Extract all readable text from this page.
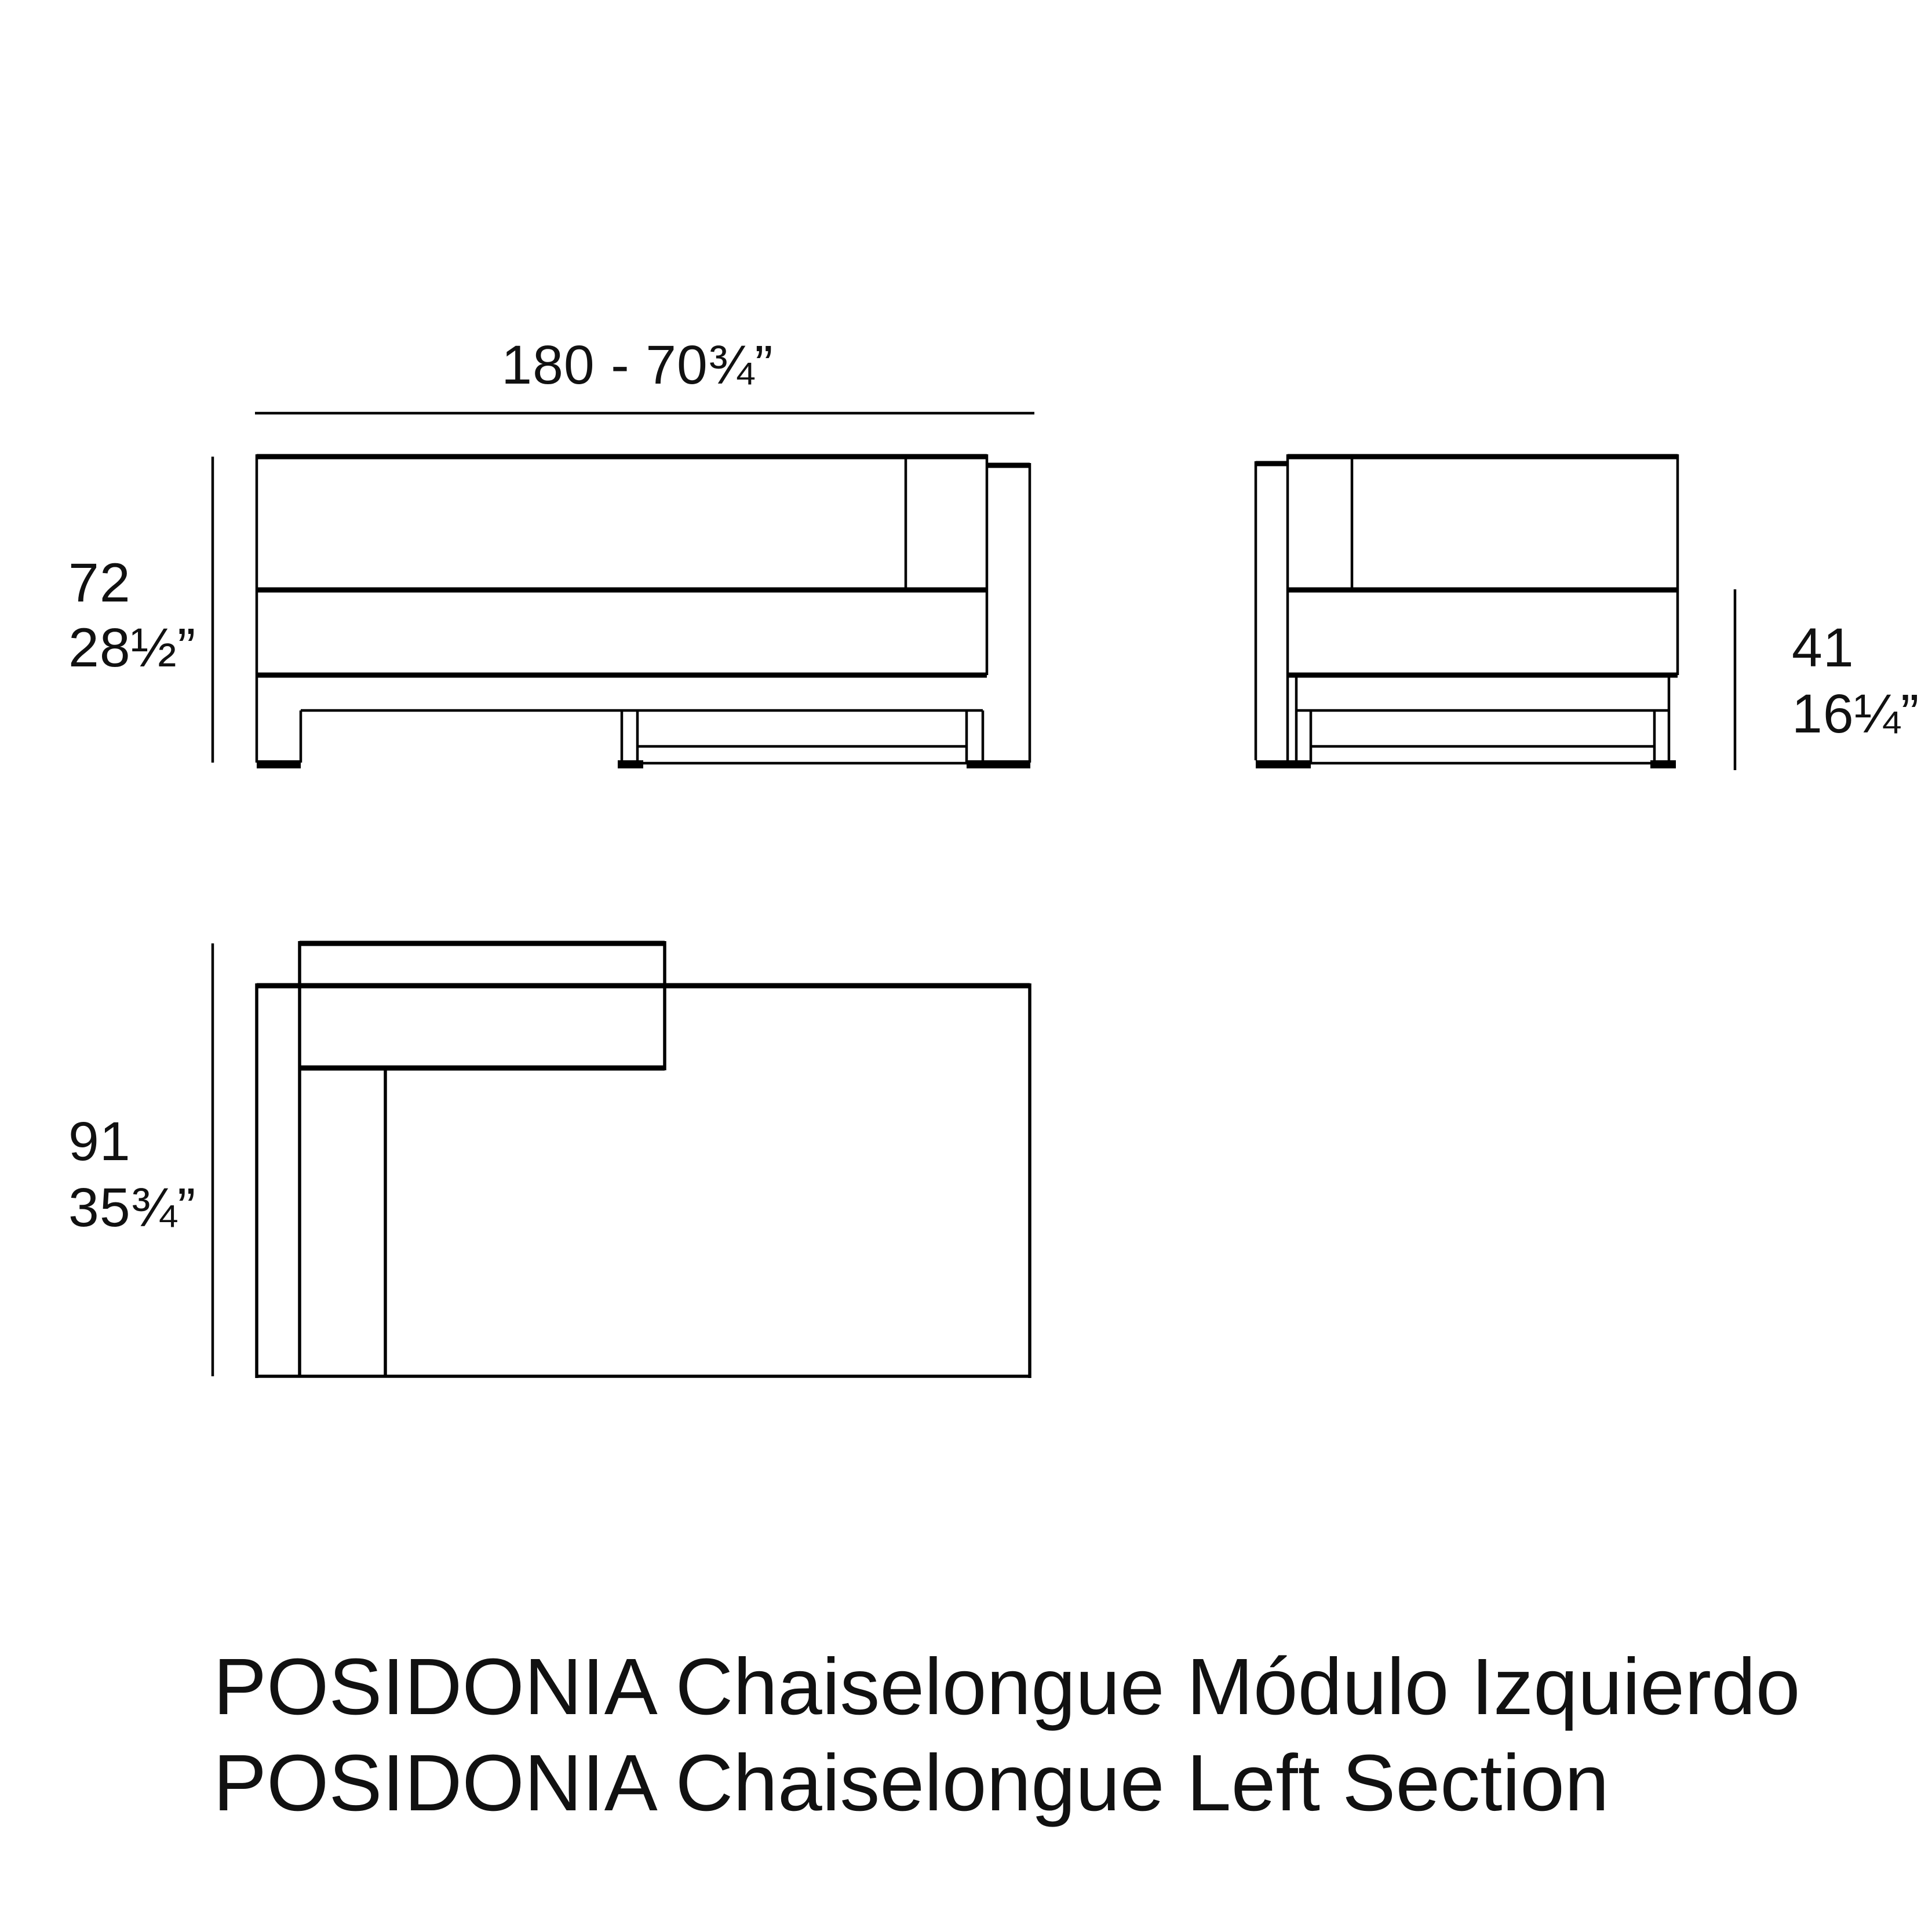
180 - 70¾”
72
28½”	41
16¼”
91
35¾”
POSIDONIA Chaiselongue Módulo Izquierdo
POSIDONIA Chaiselongue Left Section
